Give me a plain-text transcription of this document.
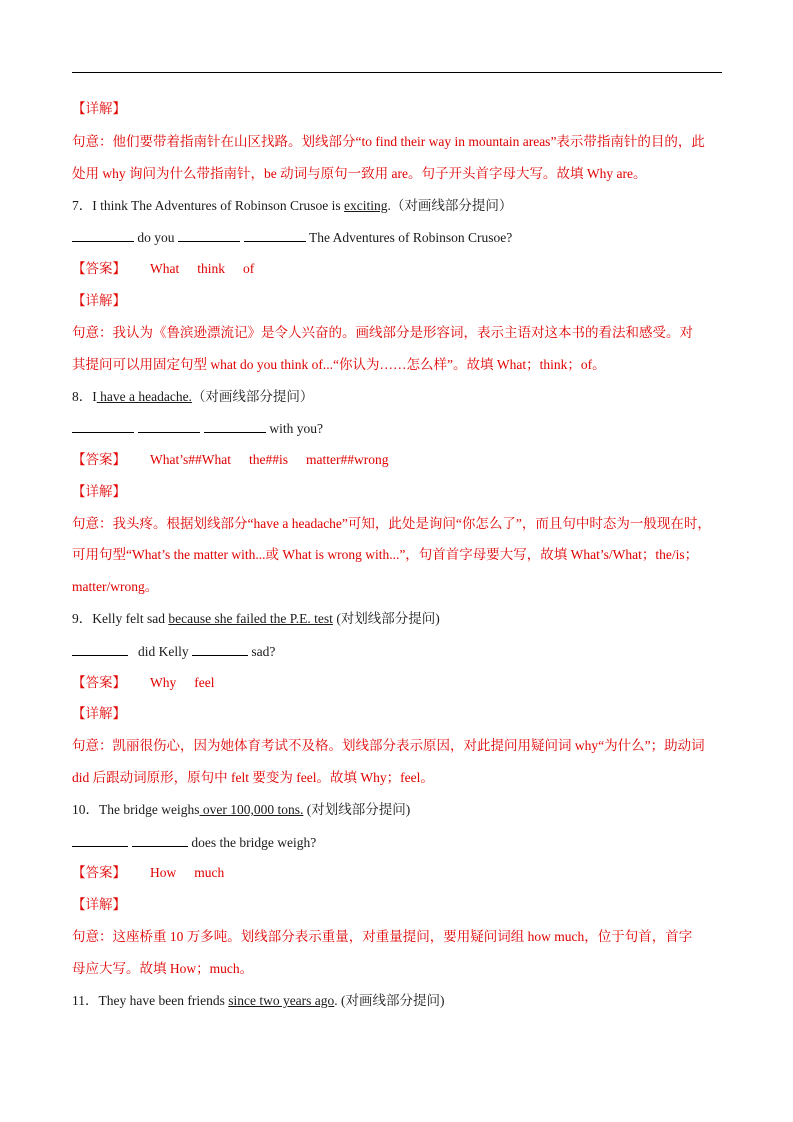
【详解】
句意：他们要带着指南针在山区找路。划线部分“to find their way in mountain areas”表示带指南针的目的，此
处用 why 询问为什么带指南针，be 动词与原句一致用 are。句子开头首字母大写。故填 Why are。
7．I think The Adventures of Robinson Crusoe is exciting.（对画线部分提问）
do you	The Adventures of Robinson Crusoe?
【答案】 What think of
【详解】
句意：我认为《鲁滨逊漂流记》是令人兴奋的。画线部分是形容词，表示主语对这本书的看法和感受。对
其提问可以用固定句型 what do you think of...“你认为……怎么样”。故填 What；think；of。
8．I have a headache.（对画线部分提问）
with you?
【答案】 What’s##What the##is matter##wrong
【详解】
句意：我头疼。根据划线部分“have a headache”可知，此处是询问“你怎么了”，而且句中时态为一般现在时，
可用句型“What’s the matter with...或 What is wrong with...”，句首首字母要大写，故填 What’s/What；the/is；
matter/wrong。
9．Kelly felt sad because she failed the P.E. test (对划线部分提问)
did Kelly	sad?
【答案】 Why feel
【详解】
句意：凯丽很伤心，因为她体育考试不及格。划线部分表示原因，对此提问用疑问词 why“为什么”；助动词
did 后跟动词原形，原句中 felt 要变为 feel。故填 Why；feel。
10．The bridge weighs over 100,000 tons. (对划线部分提问)
does the bridge weigh?
【答案】 How much
【详解】
句意：这座桥重 10 万多吨。划线部分表示重量，对重量提问，要用疑问词组 how much，位于句首，首字
母应大写。故填 How；much。
11．They have been friends since two years ago. (对画线部分提问)
